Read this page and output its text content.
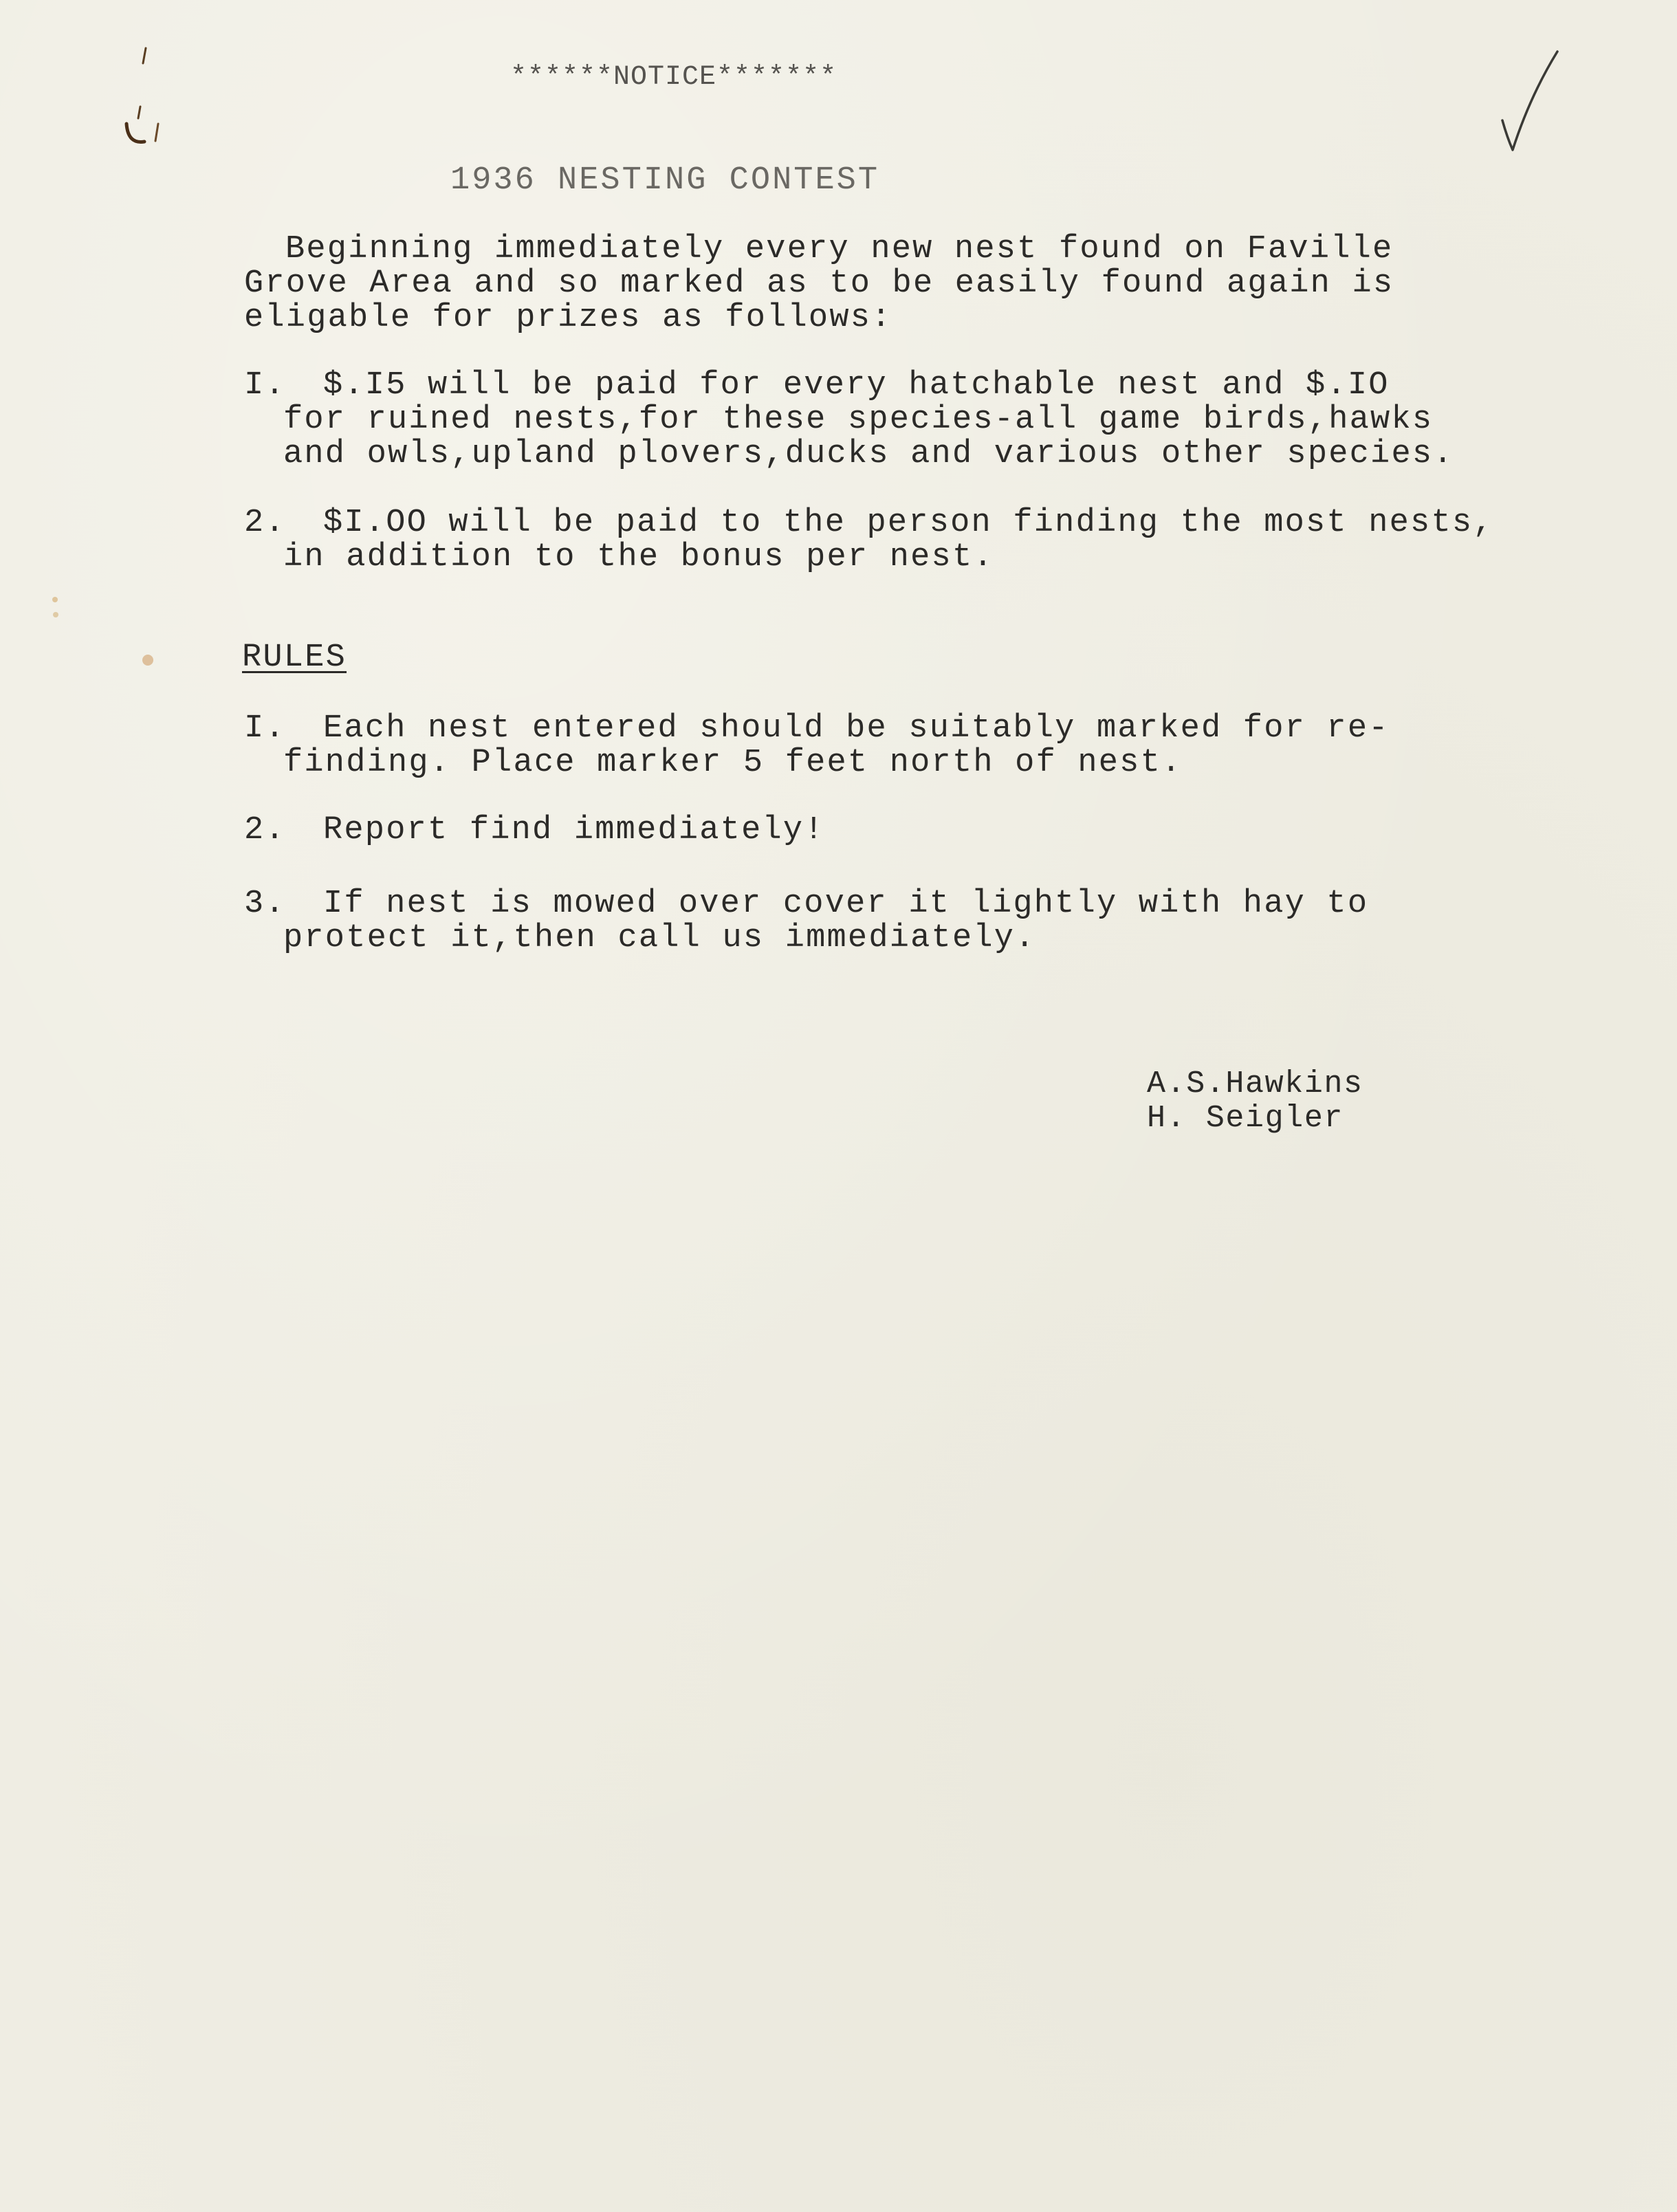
******NOTICE*******
1936 NESTING CONTEST
Beginning immediately every new nest found on Faville
Grove Area and so marked as to be easily found again is
eligable for prizes as follows:
I. $.I5 will be paid for every hatchable nest and $.IO
for ruined nests,for these species-all game birds,hawks
and owls,upland plovers,ducks and various other species.
2. $I.OO will be paid to the person finding the most nests,
in addition to the bonus per nest.
RULES
I. Each nest entered should be suitably marked for re-
finding. Place marker 5 feet north of nest.
2. Report find immediately!
3. If nest is mowed over cover it lightly with hay to
protect it,then call us immediately.
A.S.Hawkins
H. Seigler
